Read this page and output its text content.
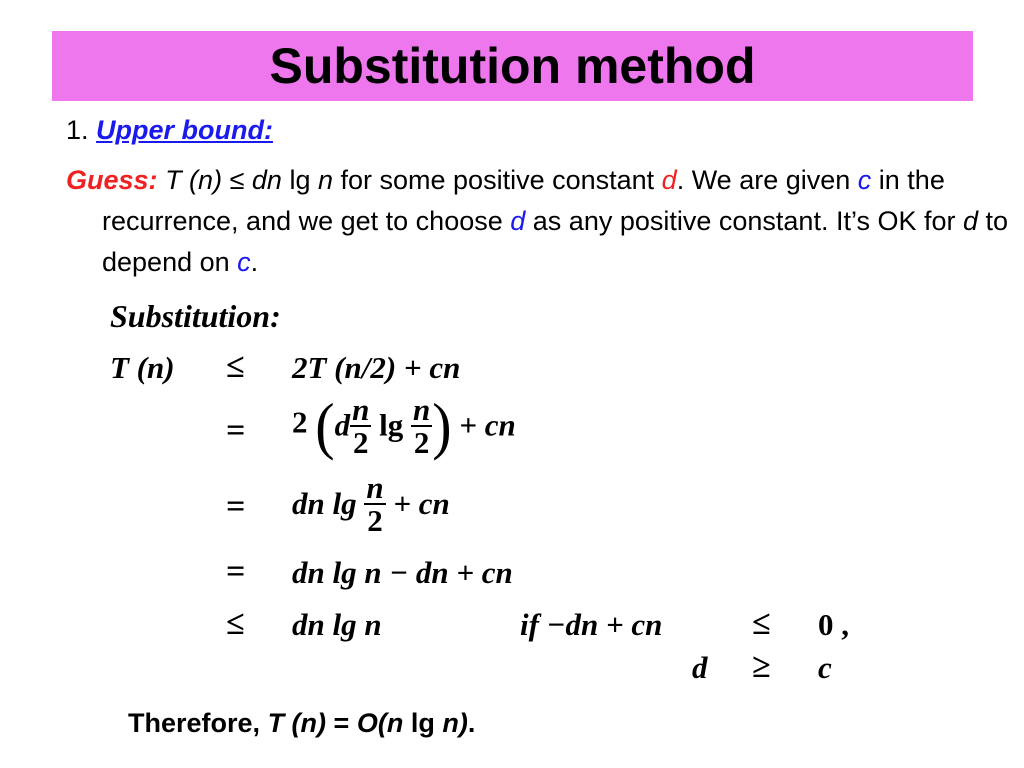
Substitution method
1. Upper bound:
Guess: T (n) ≤ dn lg n for some positive constant d. We are given c in the recurrence, and we get to choose d as any positive constant. It’s OK for d to depend on c.
Substitution:
T (n) ≤ 2T (n/2) + cn
= 2 ($d \frac{n}{2}$ $\lg \frac{n}{2}$ ) + cn
= dn $\lg \frac{n}{2}$ + cn
= dn lg n − dn + cn
≤ dn lg n	if −dn + cn	≤ 0 ,
d ≥ c
Therefore, T (n) = O(n lg n).
